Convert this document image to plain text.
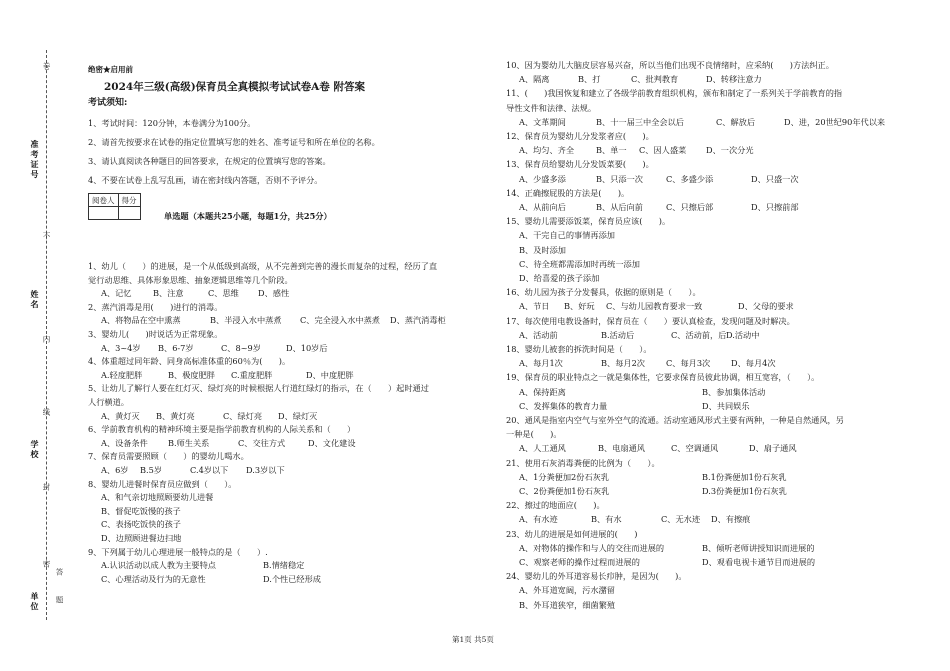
准考证号
姓名
学校
单位
卷
不
内
线
封
密
题
答
绝密★启用前
2024年三级(高级)保育员全真模拟考试试卷A卷 附答案
考试须知:
1、考试时间：120分钟，本卷满分为100分。
2、请首先按要求在试卷的指定位置填写您的姓名、准考证号和所在单位的名称。
3、请认真阅读各种题目的回答要求，在规定的位置填写您的答案。
4、不要在试卷上乱写乱画，请在密封线内答题，否则不予评分。
阅卷人	得分

单选题（本题共25小题，每题1分，共25分）
1、幼儿（　　）的进展，是一个从低级到高级，从不完善到完善的漫长而复杂的过程，经历了直
觉行动思维、具体形象思维、抽象逻辑思维等几个阶段。
A、记忆	B、注意	C、思维 D、感性
2、蒸汽消毒是用(　　)进行的消毒。
A、将物品在空中熏蒸	B、半浸入水中蒸煮 C、完全浸入水中蒸煮 D、蒸汽消毒柜
3、婴幼儿(　　)时说话为正常现象。
A、3~4岁 B、6-7岁	C、8~9岁	D、10岁后
4、体重超过同年龄、同身高标准体重的60％为(　　)。
A.轻度肥胖	B、极度肥胖 C.重度肥胖	D、中度肥胖
5、让幼儿了解行人要在红灯灭、绿灯亮的时候根据人行道红绿灯的指示，在（　　）起时通过
人行横道。
A、黄灯灭 B、黄灯亮	C、绿灯亮 D、绿灯灭
6、学前教育机构的精神环境主要是指学前教育机构的人际关系和（　　）
A、设备条件 B.师生关系	C、交往方式	D、文化建设
7、保育员需要照顾（　　）的婴幼儿喝水。
A、6岁 B.5岁	C.4岁以下 D.3岁以下
8、婴幼儿进餐时保育员应做到（　　）。
A、和气亲切地照顾要幼儿进餐
B、督促吃饭慢的孩子
C、表扬吃饭快的孩子
D、边照顾进餐边扫地
9、下列属于幼儿心理进展一般特点的是（　　）.
A.认识活动以成人教为主要特点	B.情绪稳定
C、心理活动及行为的无意性	D.个性已经形成
10、因为婴幼儿大脑皮层容易兴奋，所以当他们出现不良情绪时，应采纳(　　)方法纠正。
A、隔离	B、打	C、批判教育	D、转移注意力
11、(　　)我国恢复和建立了各级学前教育组织机构，颁布和制定了一系列关于学前教育的指
导性文件和法律、法规。
A、文革期间	B、十一届三中全会以后	C、解放后	D、进，20世纪90年代以来
12、保育员为婴幼儿分发浆者应(　　)。
A、均匀、齐全	B、单一 C、因人盛菜 D、一次分光
13、保育员给婴幼儿分发饭菜要(　　)。
A、少盛多添	B、只添一次	C、多盛少添	D、只盛一次
14、正确擦屁股的方法是(　　)。
A、从前向后	B、从后向前	C、只擦后部	D、只擦前部
15、婴幼儿需要添饭菜，保育员应该(　　)。
A、干完自己的事情再添加
B、及时添加
C、待全班都需添加时再统一添加
D、给喜爱的孩子添加
16、幼儿园为孩子分发餐具，依据的原则是（　　）。
A、节日 B、好玩 C、与幼儿园教育要求一致	D、父母的要求
17、每次使用电教设备时，保育员在（　　）要认真检查，发现问题及时解决。
A、活动前	B.活动后	C、活动前，后 D.活动中
18、婴幼儿被套的拆洗时间是（　　）。
A、每月1次	B、每月2次	C、每月3次	D、每月4次
19、保育员的职业特点之一就是集体性，它要求保育员彼此协调，相互宽容，（　　）。
A、保持距离	B、参加集体活动
C、发挥集体的教育力量	D、共同娱乐
20、通风是指室内空气与室外空气的流通。活动室通风形式主要有两种，一种是自然通风，另
一种是(　　)。
A、人工通风	B、电扇通风	C、空调通风	D、扇子通风
21、使用石灰消毒粪便的比例为（　　）。
A、1分粪便加2份石灰乳	B.1份粪便加1份石灰乳
C、2份粪便加1份石灰乳	D.3份粪便加1份石灰乳
22、擦过的地面应(　　)。
A、有水迹	B、有水	C、无水迹 D、有擦痕
23、幼儿的进展是如何进展的(　　)
A、对物体的操作和与人的交往而进展的	B、倾听老师讲授知识而进展的
C、观察老师的操作过程而进展的	D、观看电视卡通节目而进展的
24、婴幼儿的外耳道容易长疖肿，是因为(　　)。
A、外耳道宽阔，污水潴留
B、外耳道狭窄，细菌繁殖
第1页 共5页
